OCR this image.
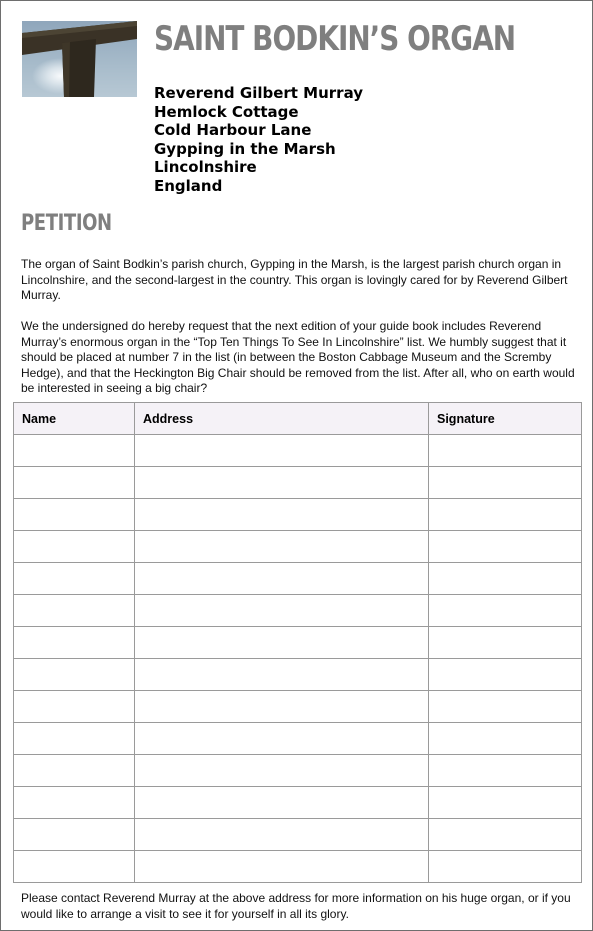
SAINT BODKIN’S ORGAN
Reverend Gilbert Murray
Hemlock Cottage
Cold Harbour Lane
Gypping in the Marsh
Lincolnshire
England
PETITION

The organ of Saint Bodkin’s parish church, Gypping in the Marsh, is the largest parish church organ in Lincolnshire, and the second-largest in the country. This organ is lovingly cared for by Reverend Gilbert Murray.

We the undersigned do hereby request that the next edition of your guide book includes Reverend Murray’s enormous organ in the “Top Ten Things To See In Lincolnshire” list. We humbly suggest that it should be placed at number 7 in the list (in between the Boston Cabbage Museum and the Scremby Hedge), and that the Heckington Big Chair should be removed from the list. After all, who on earth would be interested in seeing a big chair?

Name	Address	Signature

Please contact Reverend Murray at the above address for more information on his huge organ, or if you would like to arrange a visit to see it for yourself in all its glory.
